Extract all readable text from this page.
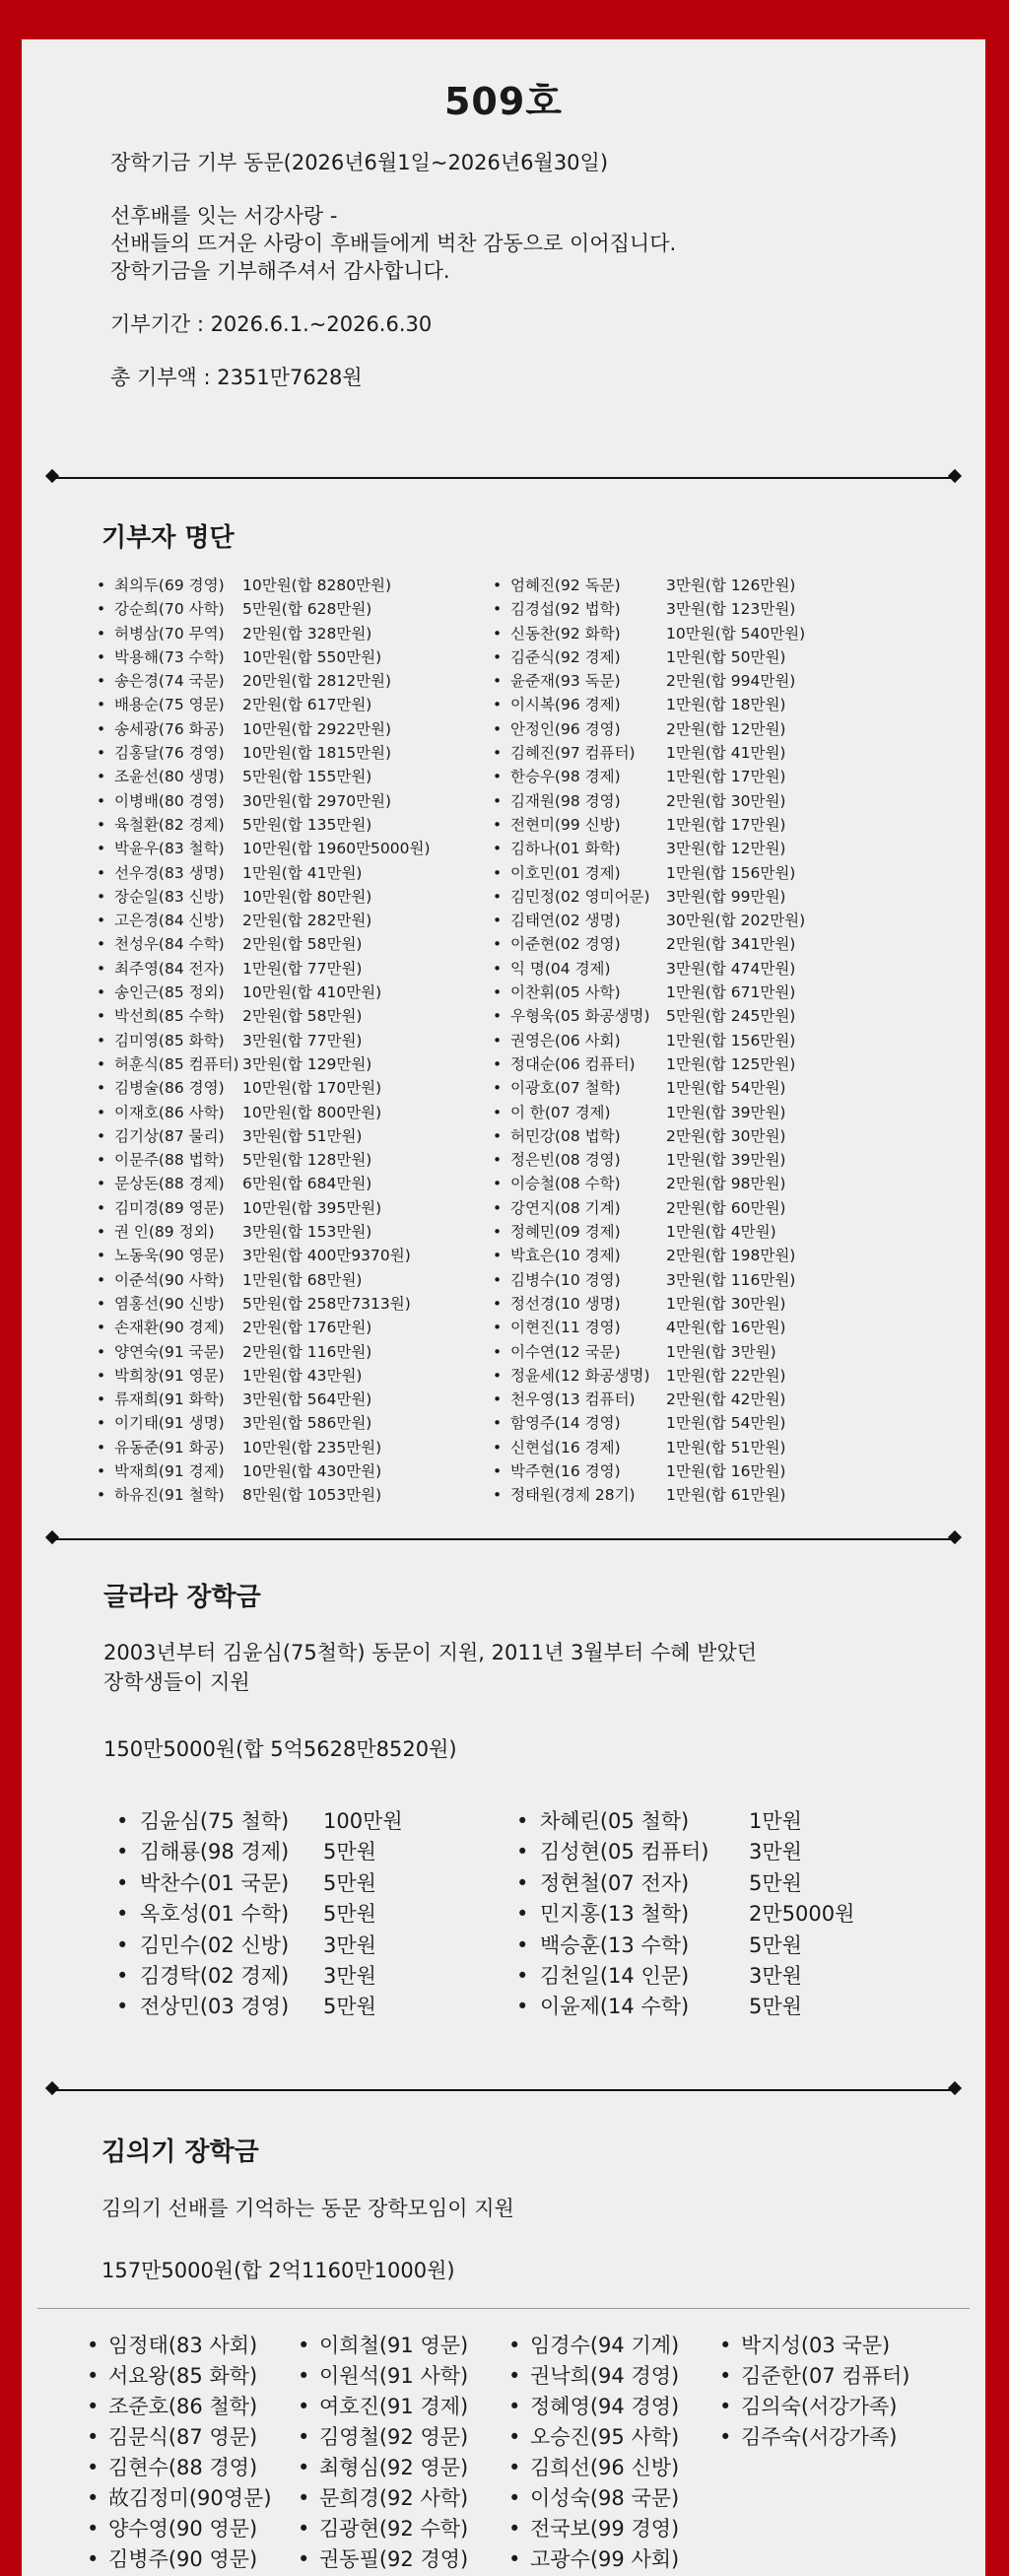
509호

장학기금 기부 동문(2026년6월1일~2026년6월30일)

선후배를 잇는 서강사랑 -

선배들의 뜨거운 사랑이 후배들에게 벅찬 감동으로 이어집니다.

장학기금을 기부해주셔서 감사합니다.

기부기간 : 2026.6.1.~2026.6.30

총 기부액 : 2351만7628원

기부자 명단
• 최의두(69 경영) 10만원(합 8280만원)
• 강순희(70 사학) 5만원(합 628만원)
• 허병삼(70 무역) 2만원(합 328만원)
• 박용해(73 수학) 10만원(합 550만원)
• 송은경(74 국문) 20만원(합 2812만원)
• 배용순(75 영문) 2만원(합 617만원)
• 송세광(76 화공) 10만원(합 2922만원)
• 김홍달(76 경영) 10만원(합 1815만원)
• 조윤선(80 생명) 5만원(합 155만원)
• 이병배(80 경영) 30만원(합 2970만원)
• 육철환(82 경제) 5만원(합 135만원)
• 박윤우(83 철학) 10만원(합 1960만5000원)
• 선우경(83 생명) 1만원(합 41만원)
• 장순일(83 신방) 10만원(합 80만원)
• 고은경(84 신방) 2만원(합 282만원)
• 천성우(84 수학) 2만원(합 58만원)
• 최주영(84 전자) 1만원(합 77만원)
• 송인근(85 정외) 10만원(합 410만원)
• 박선희(85 수학) 2만원(합 58만원)
• 김미영(85 화학) 3만원(합 77만원)
• 허훈식(85 컴퓨터) 3만원(합 129만원)
• 김병술(86 경영) 10만원(합 170만원)
• 이재호(86 사학) 10만원(합 800만원)
• 김기상(87 물리) 3만원(합 51만원)
• 이문주(88 법학) 5만원(합 128만원)
• 문상돈(88 경제) 6만원(합 684만원)
• 김미경(89 영문) 10만원(합 395만원)
• 권 인(89 정외) 3만원(합 153만원)
• 노동욱(90 영문) 3만원(합 400만9370원)
• 이준석(90 사학) 1만원(합 68만원)
• 염홍선(90 신방) 5만원(합 258만7313원)
• 손재환(90 경제) 2만원(합 176만원)
• 양연숙(91 국문) 2만원(합 116만원)
• 박희창(91 영문) 1만원(합 43만원)
• 류재희(91 화학) 3만원(합 564만원)
• 이기태(91 생명) 3만원(합 586만원)
• 유동준(91 화공) 10만원(합 235만원)
• 박재희(91 경제) 10만원(합 430만원)
• 하유진(91 철학) 8만원(합 1053만원)
• 엄혜진(92 독문)	3만원(합 126만원)
• 김경섭(92 법학)	3만원(합 123만원)
• 신동찬(92 화학)	10만원(합 540만원)
• 김준식(92 경제)	1만원(합 50만원)
• 윤준재(93 독문)	2만원(합 994만원)
• 이시복(96 경제)	1만원(합 18만원)
• 안정인(96 경영)	2만원(합 12만원)
• 김혜진(97 컴퓨터) 1만원(합 41만원)
• 한승우(98 경제)	1만원(합 17만원)
• 김재원(98 경영)	2만원(합 30만원)
• 전현미(99 신방)	1만원(합 17만원)
• 김하나(01 화학)	3만원(합 12만원)
• 이호민(01 경제)	1만원(합 156만원)
• 김민정(02 영미어문) 3만원(합 99만원)
• 김태연(02 생명)	30만원(합 202만원)
• 이준현(02 경영)	2만원(합 341만원)
• 익 명(04 경제)	3만원(합 474만원)
• 이찬휘(05 사학)	1만원(합 671만원)
• 우형욱(05 화공생명) 5만원(합 245만원)
• 권영은(06 사회)	1만원(합 156만원)
• 정대순(06 컴퓨터) 1만원(합 125만원)
• 이광호(07 철학)	1만원(합 54만원)
• 이 한(07 경제)	1만원(합 39만원)
• 허민강(08 법학)	2만원(합 30만원)
• 정은빈(08 경영)	1만원(합 39만원)
• 이승철(08 수학)	2만원(합 98만원)
• 강연지(08 기계)	2만원(합 60만원)
• 정혜민(09 경제)	1만원(합 4만원)
• 박효은(10 경제)	2만원(합 198만원)
• 김병수(10 경영)	3만원(합 116만원)
• 정선경(10 생명)	1만원(합 30만원)
• 이현진(11 경영)	4만원(합 16만원)
• 이수연(12 국문)	1만원(합 3만원)
• 정윤세(12 화공생명) 1만원(합 22만원)
• 천우영(13 컴퓨터) 2만원(합 42만원)
• 함영주(14 경영)	1만원(합 54만원)
• 신현섭(16 경제)	1만원(합 51만원)
• 박주현(16 경영)	1만원(합 16만원)
• 정태원(경제 28기) 1만원(합 61만원)
글라라 장학금

2003년부터 김윤심(75철학) 동문이 지원, 2011년 3월부터 수혜 받았던
장학생들이 지원

150만5000원(합 5억5628만8520원)

• 김윤심(75 철학) 100만원
• 김해룡(98 경제) 5만원
• 박찬수(01 국문) 5만원
• 옥호성(01 수학) 5만원
• 김민수(02 신방) 3만원
• 김경탁(02 경제) 3만원
• 전상민(03 경영) 5만원
• 차혜린(05 철학)	1만원
• 김성현(05 컴퓨터) 3만원
• 정현철(07 전자)	5만원
• 민지홍(13 철학)	2만5000원
• 백승훈(13 수학)	5만원
• 김천일(14 인문)	3만원
• 이윤제(14 수학)	5만원
김의기 장학금

김의기 선배를 기억하는 동문 장학모임이 지원

157만5000원(합 2억1160만1000원)

• 임정태(83 사회)
• 서요왕(85 화학)
• 조준호(86 철학)
• 김문식(87 영문)
• 김현수(88 경영)
• 故김정미(90영문)
• 양수영(90 영문)
• 김병주(90 영문)
• 이희철(91 영문)
• 이원석(91 사학)
• 여호진(91 경제)
• 김영철(92 영문)
• 최형심(92 영문)
• 문희경(92 사학)
• 김광현(92 수학)
• 권동필(92 경영)
• 임경수(94 기계)
• 권낙희(94 경영)
• 정혜영(94 경영)
• 오승진(95 사학)
• 김희선(96 신방)
• 이성숙(98 국문)
• 전국보(99 경영)
• 고광수(99 사회)
• 박지성(03 국문)
• 김준한(07 컴퓨터)
• 김의숙(서강가족)
• 김주숙(서강가족)
